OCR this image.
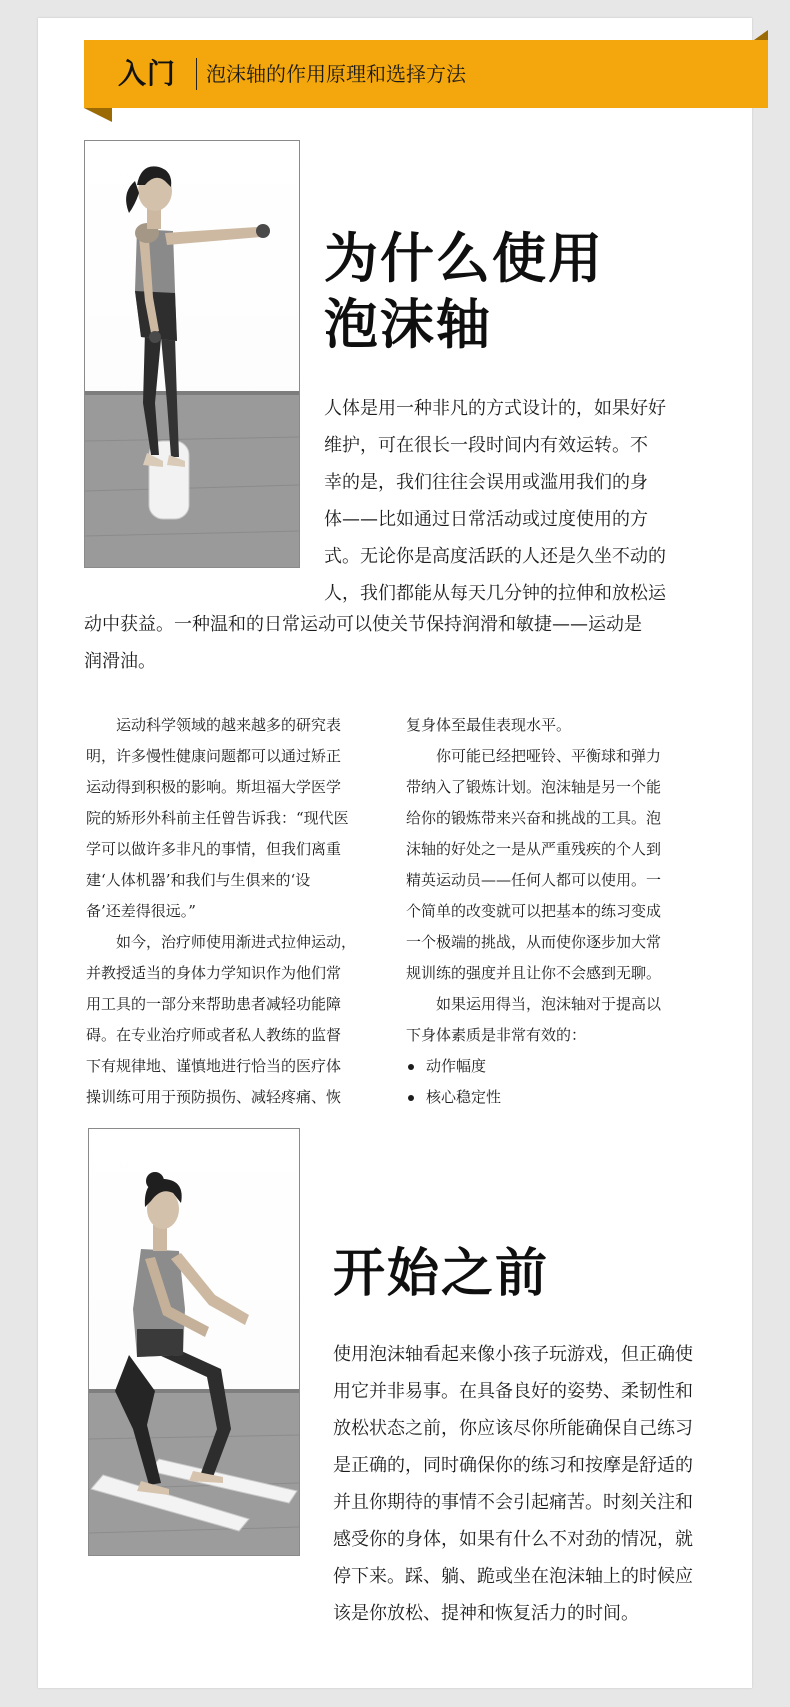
入门 泡沫轴的作用原理和选择方法
为什么使用
泡沫轴

人体是用一种非凡的方式设计的，如果好好
维护，可在很长一段时间内有效运转。不
幸的是，我们往往会误用或滥用我们的身
体——比如通过日常活动或过度使用的方
式。无论你是高度活跃的人还是久坐不动的
人，我们都能从每天几分钟的拉伸和放松运

动中获益。一种温和的日常运动可以使关节保持润滑和敏捷——运动是
润滑油。

运动科学领域的越来越多的研究表
明，许多慢性健康问题都可以通过矫正
运动得到积极的影响。斯坦福大学医学
院的矫形外科前主任曾告诉我：“现代医
学可以做许多非凡的事情，但我们离重
建‘人体机器’和我们与生俱来的‘设
备’还差得很远。”
如今，治疗师使用渐进式拉伸运动，
并教授适当的身体力学知识作为他们常
用工具的一部分来帮助患者减轻功能障
碍。在专业治疗师或者私人教练的监督
下有规律地、谨慎地进行恰当的医疗体
操训练可用于预防损伤、减轻疼痛、恢
复身体至最佳表现水平。
你可能已经把哑铃、平衡球和弹力
带纳入了锻炼计划。泡沫轴是另一个能
给你的锻炼带来兴奋和挑战的工具。泡
沫轴的好处之一是从严重残疾的个人到
精英运动员——任何人都可以使用。一
个简单的改变就可以把基本的练习变成
一个极端的挑战，从而使你逐步加大常
规训练的强度并且让你不会感到无聊。
如果运用得当，泡沫轴对于提高以
下身体素质是非常有效的：
动作幅度
核心稳定性
开始之前

使用泡沫轴看起来像小孩子玩游戏，但正确使
用它并非易事。在具备良好的姿势、柔韧性和
放松状态之前，你应该尽你所能确保自己练习
是正确的，同时确保你的练习和按摩是舒适的
并且你期待的事情不会引起痛苦。时刻关注和
感受你的身体，如果有什么不对劲的情况，就
停下来。踩、躺、跪或坐在泡沫轴上的时候应
该是你放松、提神和恢复活力的时间。
